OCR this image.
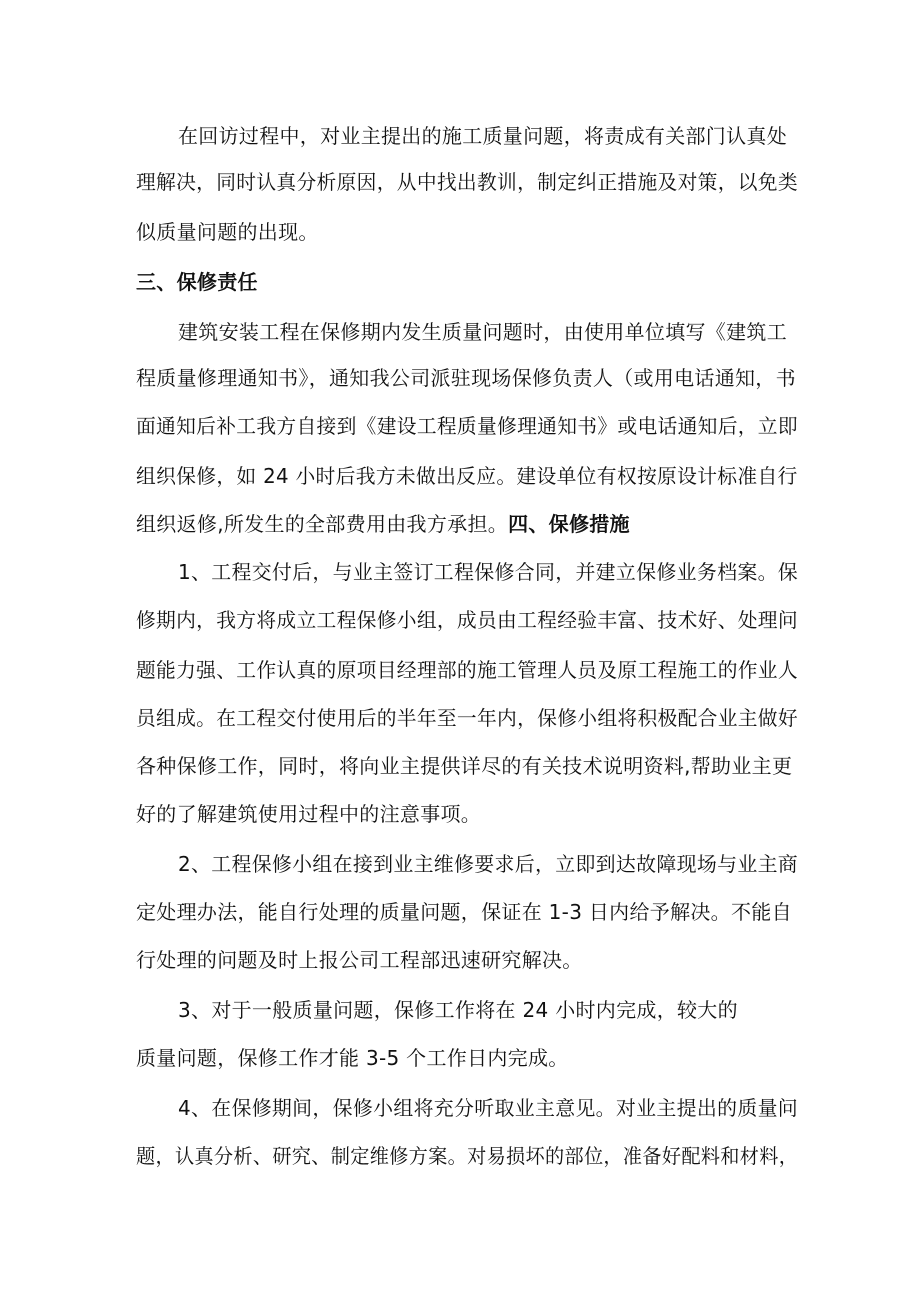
在回访过程中，对业主提出的施工质量问题，将责成有关部门认真处
理解决，同时认真分析原因，从中找出教训，制定纠正措施及对策，以免类
似质量问题的出现。
三、保修责任
建筑安装工程在保修期内发生质量问题时，由使用单位填写《建筑工
程质量修理通知书》，通知我公司派驻现场保修负责人（或用电话通知，书
面通知后补工我方自接到《建设工程质量修理通知书》或电话通知后，立即
组织保修，如 24 小时后我方未做出反应。建设单位有权按原设计标准自行
组织返修,所发生的全部费用由我方承担。四、保修措施
1、工程交付后，与业主签订工程保修合同，并建立保修业务档案。保
修期内，我方将成立工程保修小组，成员由工程经验丰富、技术好、处理问
题能力强、工作认真的原项目经理部的施工管理人员及原工程施工的作业人
员组成。在工程交付使用后的半年至一年内，保修小组将积极配合业主做好
各种保修工作，同时，将向业主提供详尽的有关技术说明资料,帮助业主更
好的了解建筑使用过程中的注意事项。
2、工程保修小组在接到业主维修要求后，立即到达故障现场与业主商
定处理办法，能自行处理的质量问题，保证在 1-3 日内给予解决。不能自
行处理的问题及时上报公司工程部迅速研究解决。
3、对于一般质量问题，保修工作将在 24 小时内完成，较大的
质量问题，保修工作才能 3-5 个工作日内完成。
4、在保修期间，保修小组将充分听取业主意见。对业主提出的质量问
题，认真分析、研究、制定维修方案。对易损坏的部位，准备好配料和材料，
